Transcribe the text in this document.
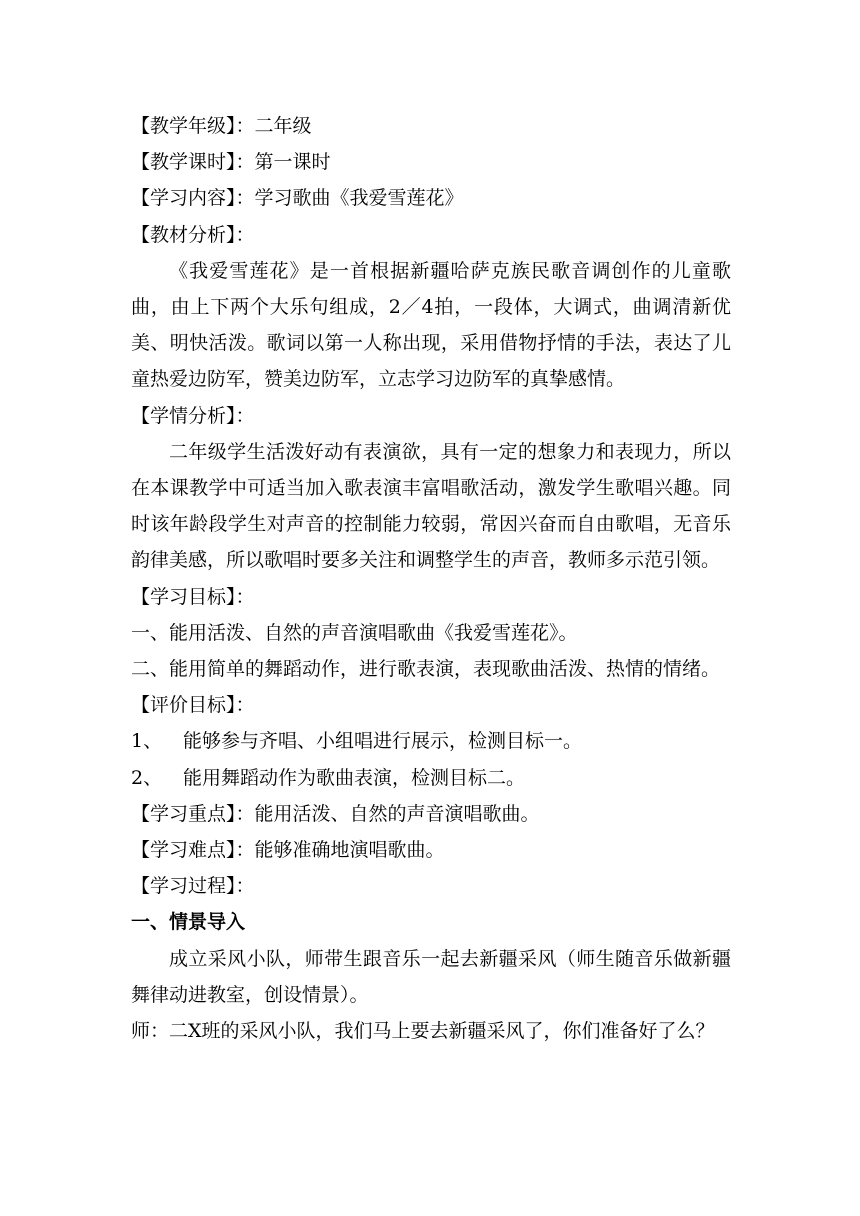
【教学年级】：二年级
【教学课时】：第一课时
【学习内容】：学习歌曲《我爱雪莲花》
【教材分析】：

《我爱雪莲花》是一首根据新疆哈萨克族民歌音调创作的儿童歌曲，由上下两个大乐句组成，2／4拍，一段体，大调式，曲调清新优美、明快活泼。歌词以第一人称出现，采用借物抒情的手法，表达了儿童热爱边防军，赞美边防军，立志学习边防军的真挚感情。

【学情分析】：

二年级学生活泼好动有表演欲，具有一定的想象力和表现力，所以在本课教学中可适当加入歌表演丰富唱歌活动，激发学生歌唱兴趣。同时该年龄段学生对声音的控制能力较弱，常因兴奋而自由歌唱，无音乐韵律美感，所以歌唱时要多关注和调整学生的声音，教师多示范引领。

【学习目标】：
一、能用活泼、自然的声音演唱歌曲《我爱雪莲花》。
二、能用简单的舞蹈动作，进行歌表演，表现歌曲活泼、热情的情绪。
【评价目标】：
1、 能够参与齐唱、小组唱进行展示，检测目标一。
2、 能用舞蹈动作为歌曲表演，检测目标二。
【学习重点】：能用活泼、自然的声音演唱歌曲。
【学习难点】：能够准确地演唱歌曲。
【学习过程】：
一、情景导入

成立采风小队，师带生跟音乐一起去新疆采风（师生随音乐做新疆舞律动进教室，创设情景）。

师：二X班的采风小队，我们马上要去新疆采风了，你们准备好了么？
